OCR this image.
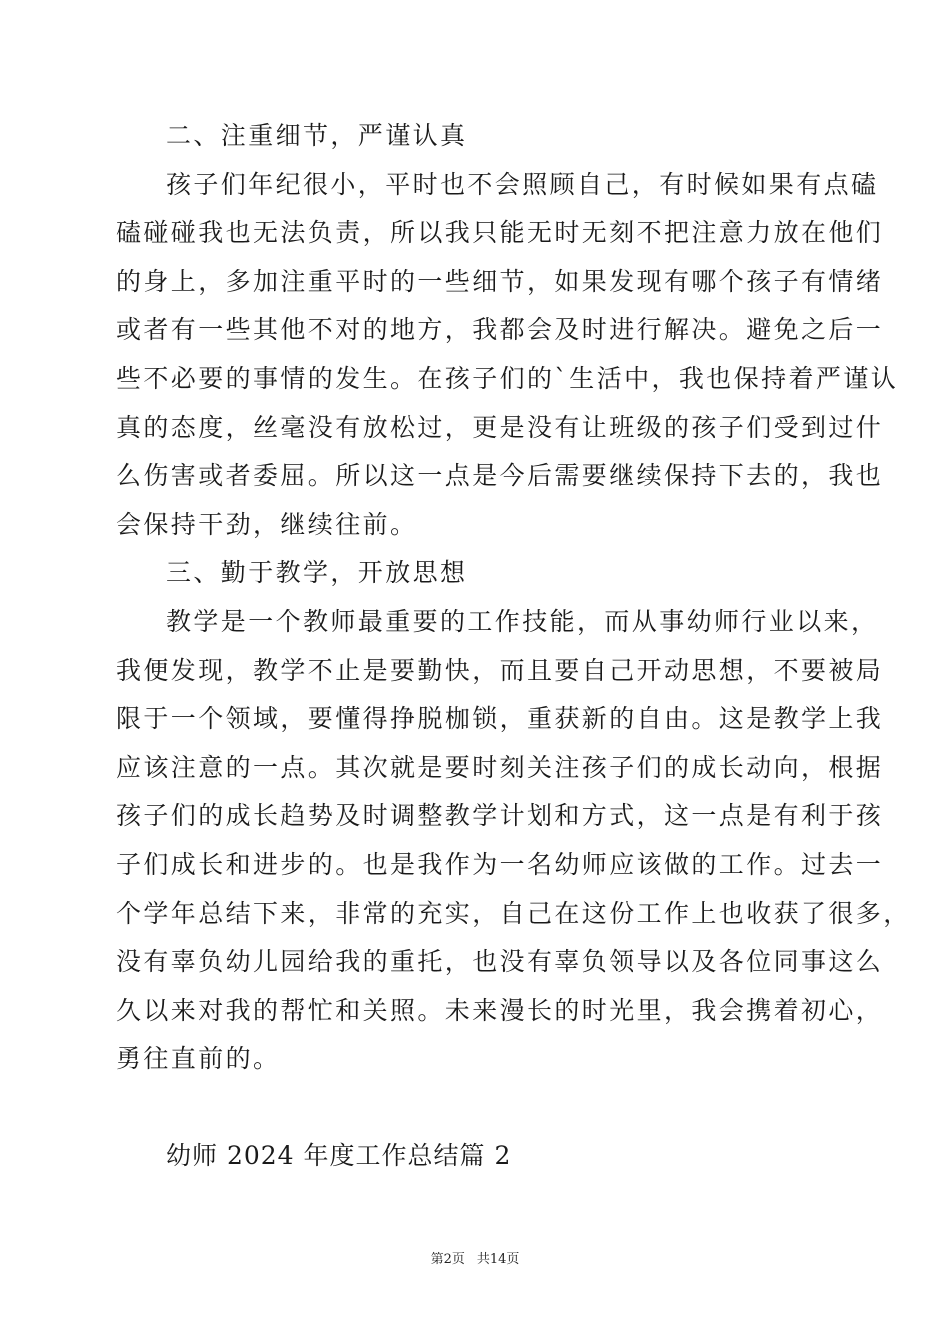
二、注重细节，严谨认真
孩子们年纪很小，平时也不会照顾自己，有时候如果有点磕
磕碰碰我也无法负责，所以我只能无时无刻不把注意力放在他们
的身上，多加注重平时的一些细节，如果发现有哪个孩子有情绪
或者有一些其他不对的地方，我都会及时进行解决。避免之后一
些不必要的事情的发生。在孩子们的`生活中，我也保持着严谨认
真的态度，丝毫没有放松过，更是没有让班级的孩子们受到过什
么伤害或者委屈。所以这一点是今后需要继续保持下去的，我也
会保持干劲，继续往前。
三、勤于教学，开放思想
教学是一个教师最重要的工作技能，而从事幼师行业以来，
我便发现，教学不止是要勤快，而且要自己开动思想，不要被局
限于一个领域，要懂得挣脱枷锁，重获新的自由。这是教学上我
应该注意的一点。其次就是要时刻关注孩子们的成长动向，根据
孩子们的成长趋势及时调整教学计划和方式，这一点是有利于孩
子们成长和进步的。也是我作为一名幼师应该做的工作。过去一
个学年总结下来，非常的充实，自己在这份工作上也收获了很多，
没有辜负幼儿园给我的重托，也没有辜负领导以及各位同事这么
久以来对我的帮忙和关照。未来漫长的时光里，我会携着初心，
勇往直前的。
幼师 2024 年度工作总结篇 2
第2页 共14页
